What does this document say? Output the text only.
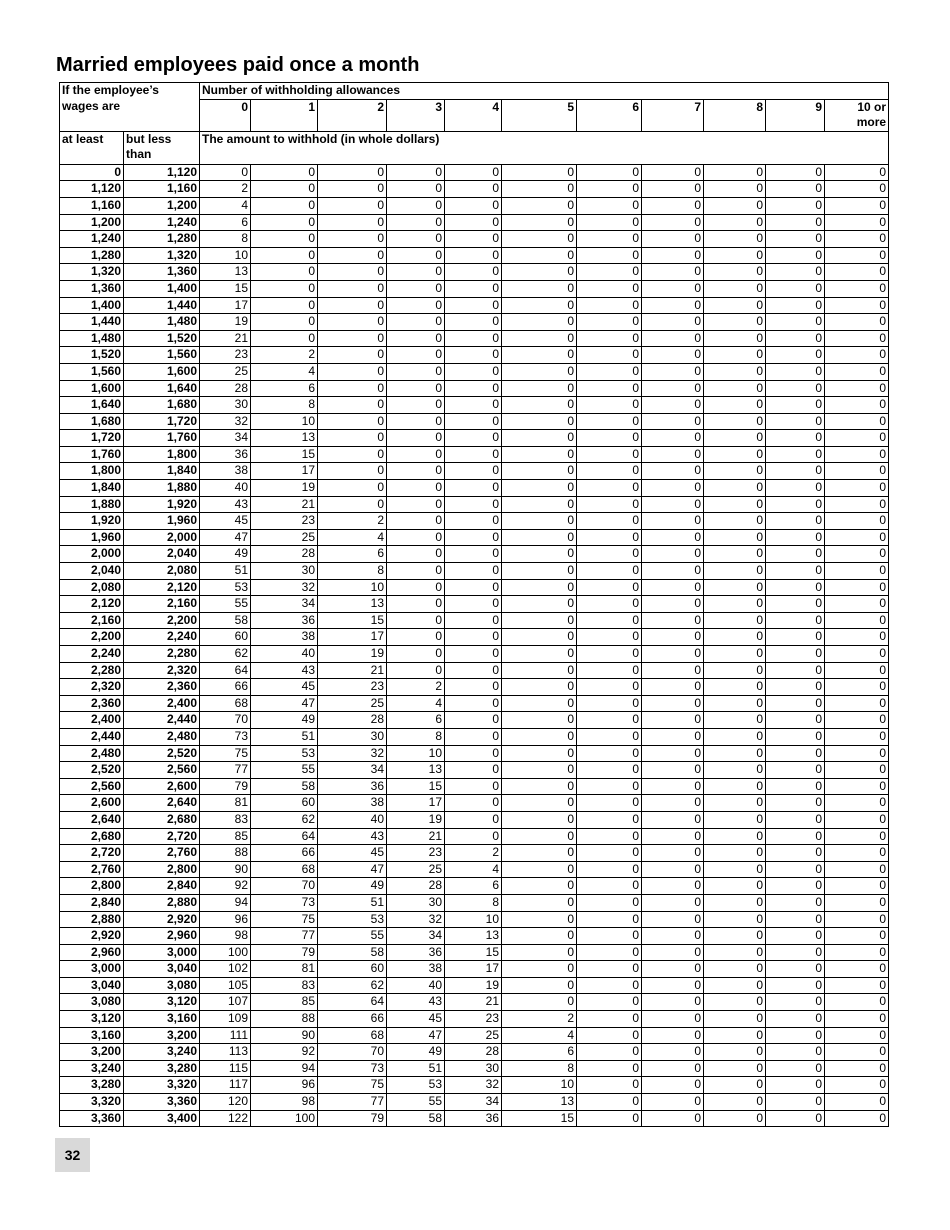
Married employees paid once a month
If the employee’s wages are		Number of withholding allowances										
		0	1	2	3	4	5	6	7	8	9	10 or more
at least	but less than	The amount to withhold (in whole dollars)										
0	1,120	0	0	0	0	0	0	0	0	0	0	0
1,120	1,160	2	0	0	0	0	0	0	0	0	0	0
1,160	1,200	4	0	0	0	0	0	0	0	0	0	0
1,200	1,240	6	0	0	0	0	0	0	0	0	0	0
1,240	1,280	8	0	0	0	0	0	0	0	0	0	0
1,280	1,320	10	0	0	0	0	0	0	0	0	0	0
1,320	1,360	13	0	0	0	0	0	0	0	0	0	0
1,360	1,400	15	0	0	0	0	0	0	0	0	0	0
1,400	1,440	17	0	0	0	0	0	0	0	0	0	0
1,440	1,480	19	0	0	0	0	0	0	0	0	0	0
1,480	1,520	21	0	0	0	0	0	0	0	0	0	0
1,520	1,560	23	2	0	0	0	0	0	0	0	0	0
1,560	1,600	25	4	0	0	0	0	0	0	0	0	0
1,600	1,640	28	6	0	0	0	0	0	0	0	0	0
1,640	1,680	30	8	0	0	0	0	0	0	0	0	0
1,680	1,720	32	10	0	0	0	0	0	0	0	0	0
1,720	1,760	34	13	0	0	0	0	0	0	0	0	0
1,760	1,800	36	15	0	0	0	0	0	0	0	0	0
1,800	1,840	38	17	0	0	0	0	0	0	0	0	0
1,840	1,880	40	19	0	0	0	0	0	0	0	0	0
1,880	1,920	43	21	0	0	0	0	0	0	0	0	0
1,920	1,960	45	23	2	0	0	0	0	0	0	0	0
1,960	2,000	47	25	4	0	0	0	0	0	0	0	0
2,000	2,040	49	28	6	0	0	0	0	0	0	0	0
2,040	2,080	51	30	8	0	0	0	0	0	0	0	0
2,080	2,120	53	32	10	0	0	0	0	0	0	0	0
2,120	2,160	55	34	13	0	0	0	0	0	0	0	0
2,160	2,200	58	36	15	0	0	0	0	0	0	0	0
2,200	2,240	60	38	17	0	0	0	0	0	0	0	0
2,240	2,280	62	40	19	0	0	0	0	0	0	0	0
2,280	2,320	64	43	21	0	0	0	0	0	0	0	0
2,320	2,360	66	45	23	2	0	0	0	0	0	0	0
2,360	2,400	68	47	25	4	0	0	0	0	0	0	0
2,400	2,440	70	49	28	6	0	0	0	0	0	0	0
2,440	2,480	73	51	30	8	0	0	0	0	0	0	0
2,480	2,520	75	53	32	10	0	0	0	0	0	0	0
2,520	2,560	77	55	34	13	0	0	0	0	0	0	0
2,560	2,600	79	58	36	15	0	0	0	0	0	0	0
2,600	2,640	81	60	38	17	0	0	0	0	0	0	0
2,640	2,680	83	62	40	19	0	0	0	0	0	0	0
2,680	2,720	85	64	43	21	0	0	0	0	0	0	0
2,720	2,760	88	66	45	23	2	0	0	0	0	0	0
2,760	2,800	90	68	47	25	4	0	0	0	0	0	0
2,800	2,840	92	70	49	28	6	0	0	0	0	0	0
2,840	2,880	94	73	51	30	8	0	0	0	0	0	0
2,880	2,920	96	75	53	32	10	0	0	0	0	0	0
2,920	2,960	98	77	55	34	13	0	0	0	0	0	0
2,960	3,000	100	79	58	36	15	0	0	0	0	0	0
3,000	3,040	102	81	60	38	17	0	0	0	0	0	0
3,040	3,080	105	83	62	40	19	0	0	0	0	0	0
3,080	3,120	107	85	64	43	21	0	0	0	0	0	0
3,120	3,160	109	88	66	45	23	2	0	0	0	0	0
3,160	3,200	111	90	68	47	25	4	0	0	0	0	0
3,200	3,240	113	92	70	49	28	6	0	0	0	0	0
3,240	3,280	115	94	73	51	30	8	0	0	0	0	0
3,280	3,320	117	96	75	53	32	10	0	0	0	0	0
3,320	3,360	120	98	77	55	34	13	0	0	0	0	0
3,360	3,400	122	100	79	58	36	15	0	0	0	0	0
32
